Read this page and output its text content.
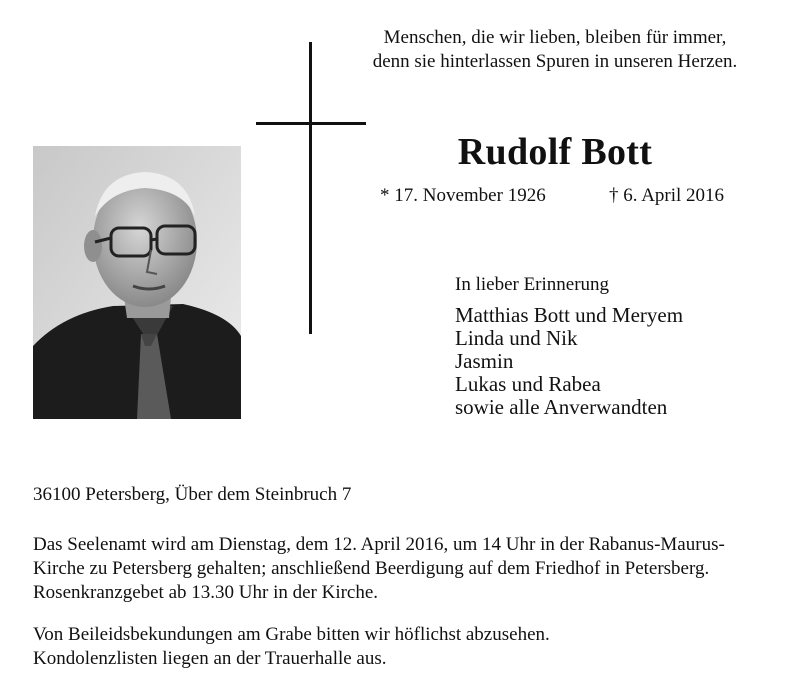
Menschen, die wir lieben, bleiben für immer,
denn sie hinterlassen Spuren in unseren Herzen.
Rudolf Bott
* 17. November 1926	† 6. April 2016
In lieber Erinnerung
Matthias Bott und Meryem
Linda und Nik
Jasmin
Lukas und Rabea
sowie alle Anverwandten
36100 Petersberg, Über dem Steinbruch 7
Das Seelenamt wird am Dienstag, dem 12. April 2016, um 14 Uhr in der Rabanus-Maurus-
Kirche zu Petersberg gehalten; anschließend Beerdigung auf dem Friedhof in Petersberg.
Rosenkranzgebet ab 13.30 Uhr in der Kirche.
Von Beileidsbekundungen am Grabe bitten wir höflichst abzusehen.
Kondolenzlisten liegen an der Trauerhalle aus.
